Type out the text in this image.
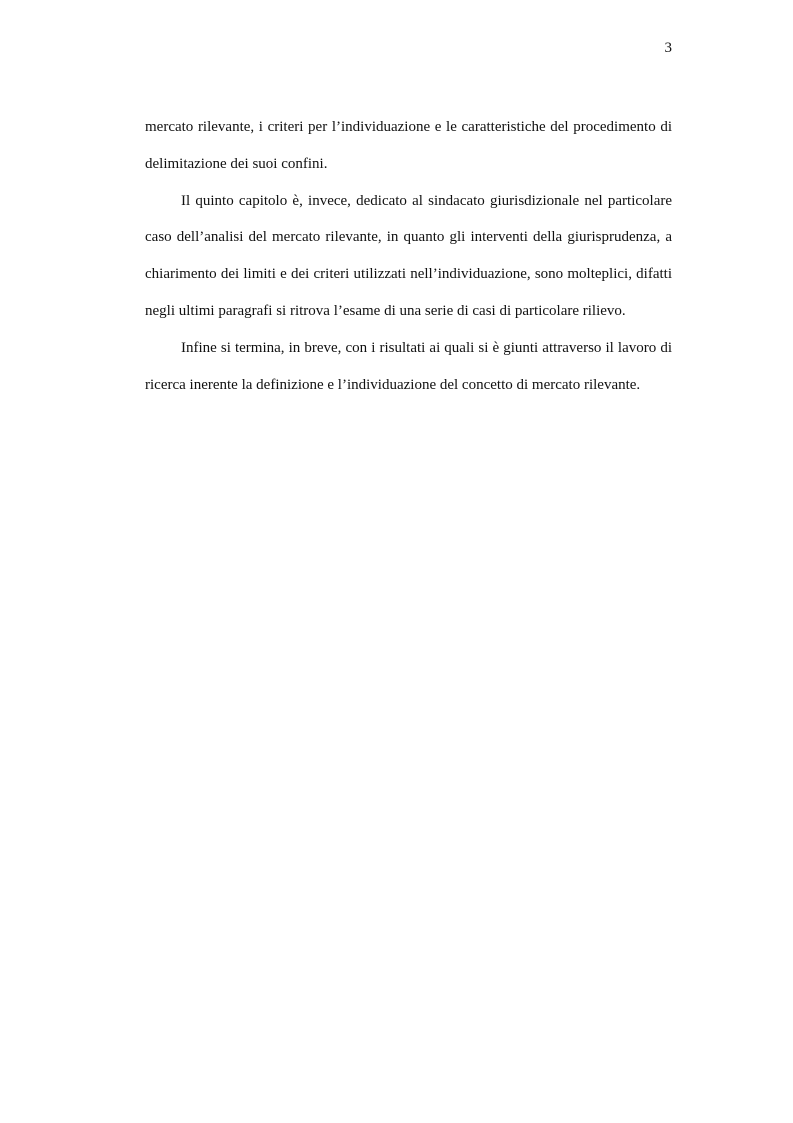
3

mercato rilevante, i criteri per l’individuazione e le caratteristiche del procedimento di delimitazione dei suoi confini.

Il quinto capitolo è, invece, dedicato al sindacato giurisdizionale nel particolare caso dell’analisi del mercato rilevante, in quanto gli interventi della giurisprudenza, a chiarimento dei limiti e dei criteri utilizzati nell’individuazione, sono molteplici, difatti negli ultimi paragrafi si ritrova l’esame di una serie di casi di particolare rilievo.

Infine si termina, in breve, con i risultati ai quali si è giunti attraverso il lavoro di ricerca inerente la definizione e l’individuazione del concetto di mercato rilevante.
